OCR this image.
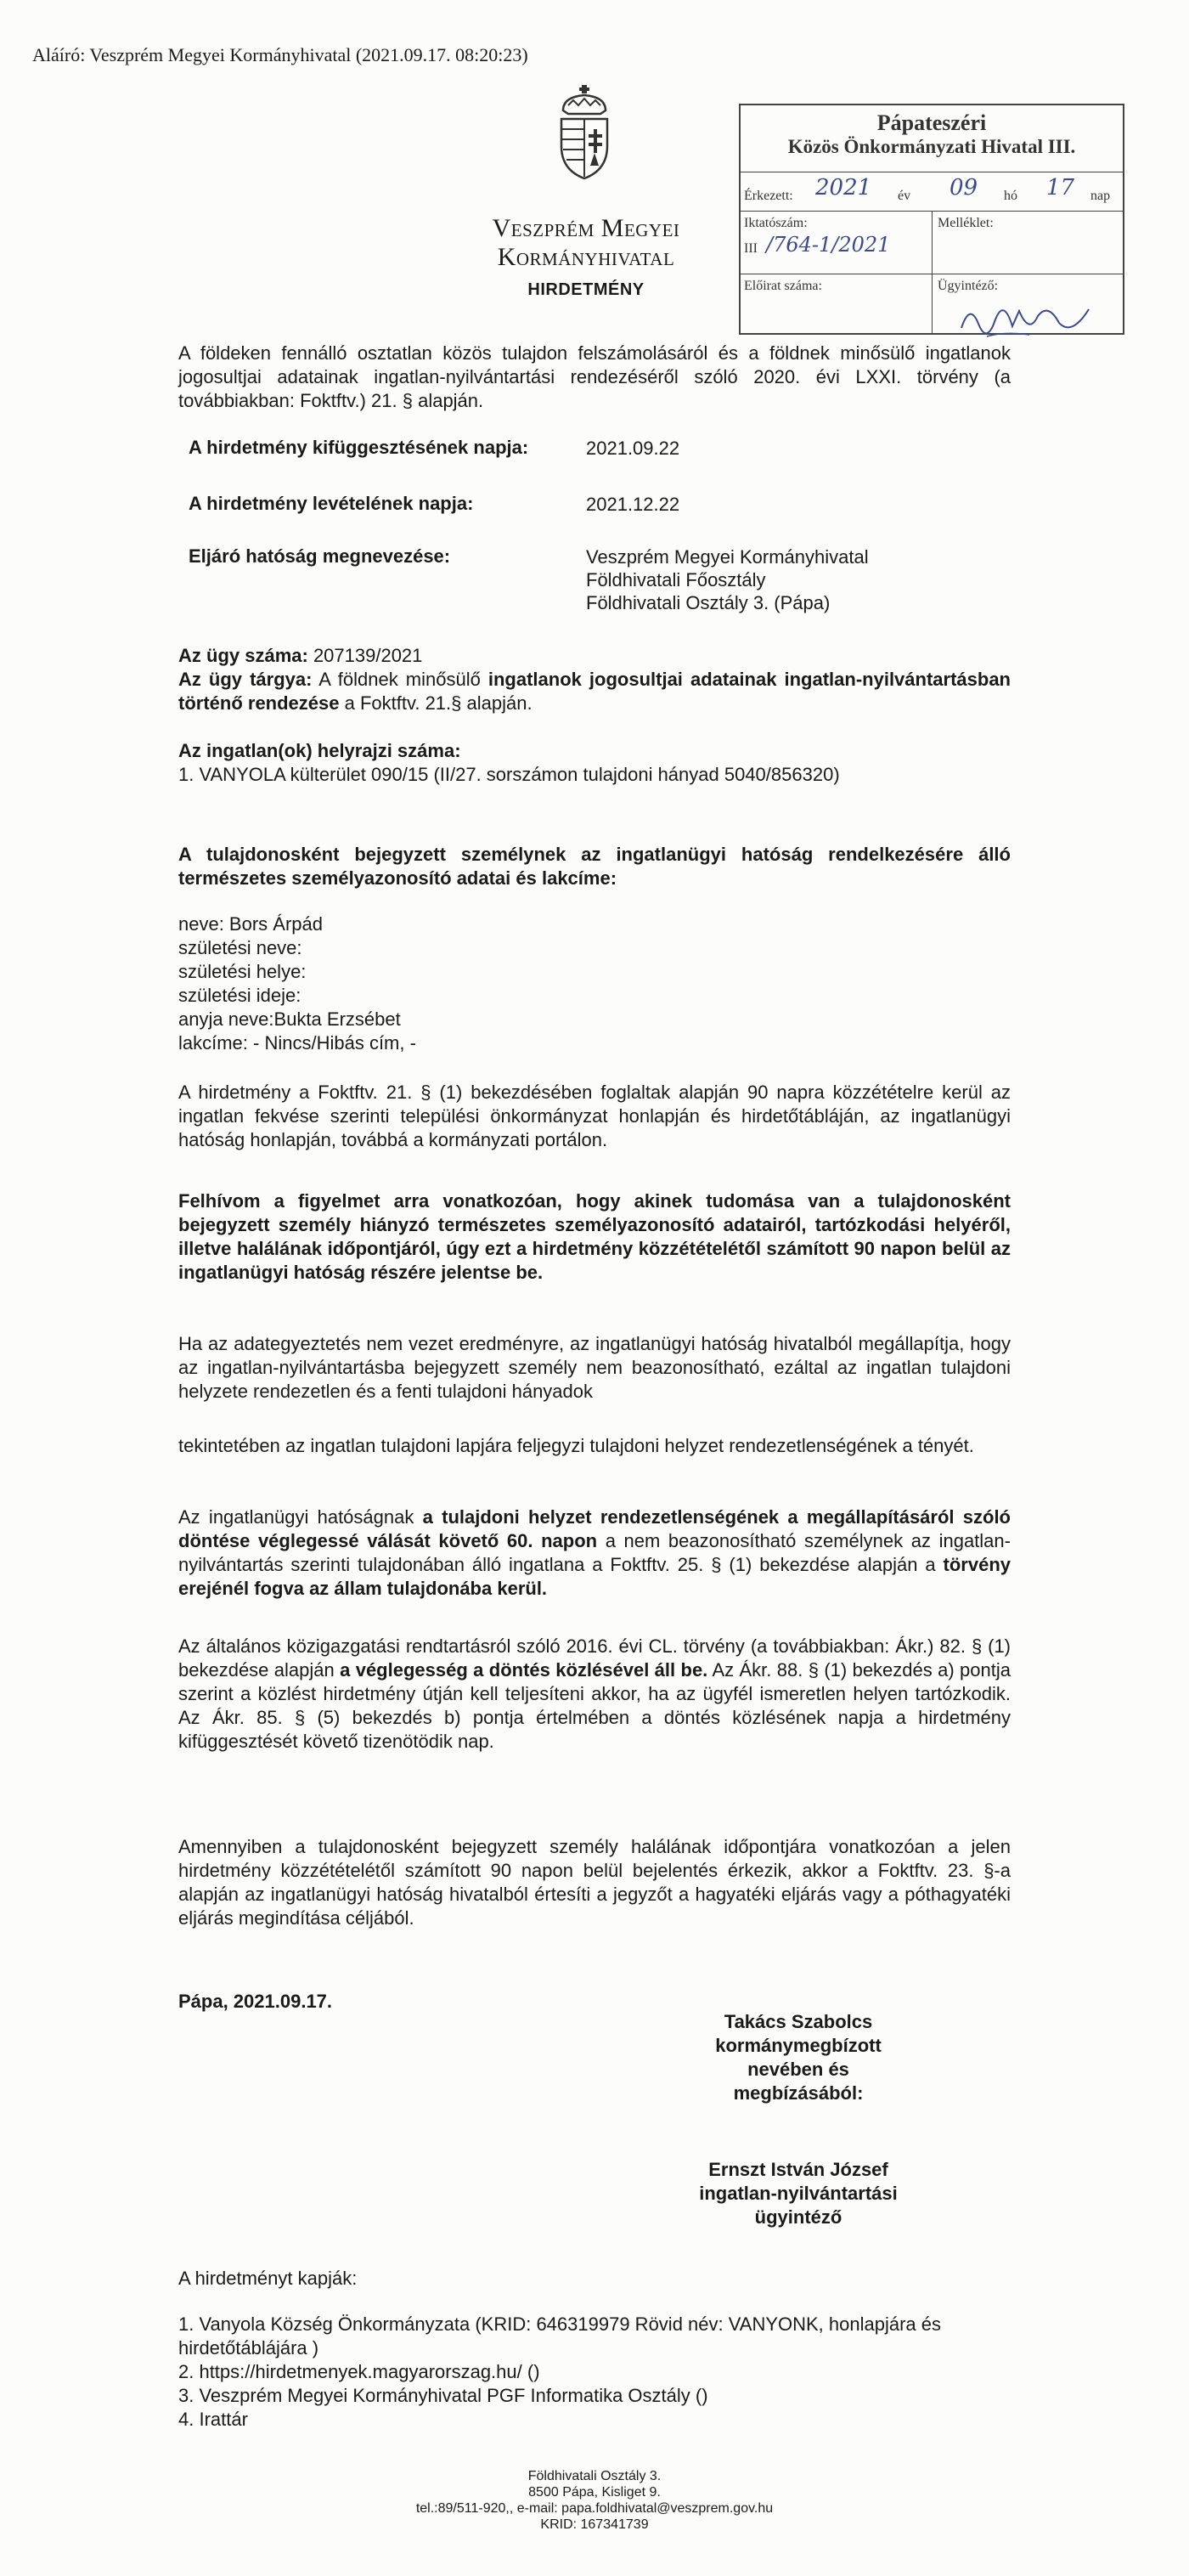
Aláíró: Veszprém Megyei Kormányhivatal (2021.09.17. 08:20:23)
Veszprém Megyei
Kormányhivatal
HIRDETMÉNY
Pápateszéri
Közös Önkormányzati Hivatal III.
Érkezett: 2021 év 09 hó 17 nap
Iktatószám:
III /764-1/2021
Melléklet:
Előirat száma:	Ügyintéző:
A földeken fennálló osztatlan közös tulajdon felszámolásáról és a földnek minősülő ingatlanok jogosultjai adatainak ingatlan-nyilvántartási rendezéséről szóló 2020. évi LXXI. törvény (a továbbiakban: Foktftv.) 21. § alapján.
A hirdetmény kifüggesztésének napja:	2021.09.22
A hirdetmény levételének napja:	2021.12.22
Eljáró hatóság megnevezése:	Veszprém Megyei Kormányhivatal
Földhivatali Főosztály
Földhivatali Osztály 3. (Pápa)
Az ügy száma: 207139/2021
Az ügy tárgya: A földnek minősülő ingatlanok jogosultjai adatainak ingatlan-nyilvántartásban történő rendezése a Foktftv. 21.§ alapján.
Az ingatlan(ok) helyrajzi száma:
1. VANYOLA külterület 090/15 (II/27. sorszámon tulajdoni hányad 5040/856320)
A tulajdonosként bejegyzett személynek az ingatlanügyi hatóság rendelkezésére álló természetes személyazonosító adatai és lakcíme:
neve: Bors Árpád
születési neve:
születési helye:
születési ideje:
anyja neve:Bukta Erzsébet
lakcíme: - Nincs/Hibás cím, -
A hirdetmény a Foktftv. 21. § (1) bekezdésében foglaltak alapján 90 napra közzétételre kerül az ingatlan fekvése szerinti települési önkormányzat honlapján és hirdetőtábláján, az ingatlanügyi hatóság honlapján, továbbá a kormányzati portálon.
Felhívom a figyelmet arra vonatkozóan, hogy akinek tudomása van a tulajdonosként bejegyzett személy hiányzó természetes személyazonosító adatairól, tartózkodási helyéről, illetve halálának időpontjáról, úgy ezt a hirdetmény közzétételétől számított 90 napon belül az ingatlanügyi hatóság részére jelentse be.
Ha az adategyeztetés nem vezet eredményre, az ingatlanügyi hatóság hivatalból megállapítja, hogy az ingatlan-nyilvántartásba bejegyzett személy nem beazonosítható, ezáltal az ingatlan tulajdoni helyzete rendezetlen és a fenti tulajdoni hányadok
tekintetében az ingatlan tulajdoni lapjára feljegyzi tulajdoni helyzet rendezetlenségének a tényét.
Az ingatlanügyi hatóságnak a tulajdoni helyzet rendezetlenségének a megállapításáról szóló döntése véglegessé válását követő 60. napon a nem beazonosítható személynek az ingatlan-nyilvántartás szerinti tulajdonában álló ingatlana a Foktftv. 25. § (1) bekezdése alapján a törvény erejénél fogva az állam tulajdonába kerül.
Az általános közigazgatási rendtartásról szóló 2016. évi CL. törvény (a továbbiakban: Ákr.) 82. § (1) bekezdése alapján a véglegesség a döntés közlésével áll be. Az Ákr. 88. § (1) bekezdés a) pontja szerint a közlést hirdetmény útján kell teljesíteni akkor, ha az ügyfél ismeretlen helyen tartózkodik. Az Ákr. 85. § (5) bekezdés b) pontja értelmében a döntés közlésének napja a hirdetmény kifüggesztését követő tizenötödik nap.
Amennyiben a tulajdonosként bejegyzett személy halálának időpontjára vonatkozóan a jelen hirdetmény közzétételétől számított 90 napon belül bejelentés érkezik, akkor a Foktftv. 23. §-a alapján az ingatlanügyi hatóság hivatalból értesíti a jegyzőt a hagyatéki eljárás vagy a póthagyatéki eljárás megindítása céljából.
Pápa, 2021.09.17.
Takács Szabolcs
kormánymegbízott
nevében és
megbízásából:
Ernszt István József
ingatlan-nyilvántartási
ügyintéző
A hirdetményt kapják:
1. Vanyola Község Önkormányzata (KRID: 646319979 Rövid név: VANYONK, honlapjára és hirdetőtáblájára )
2. https://hirdetmenyek.magyarorszag.hu/ ()
3. Veszprém Megyei Kormányhivatal PGF Informatika Osztály ()
4. Irattár
Földhivatali Osztály 3.
8500 Pápa, Kisliget 9.
tel.:89/511-920,, e-mail: papa.foldhivatal@veszprem.gov.hu
KRID: 167341739
